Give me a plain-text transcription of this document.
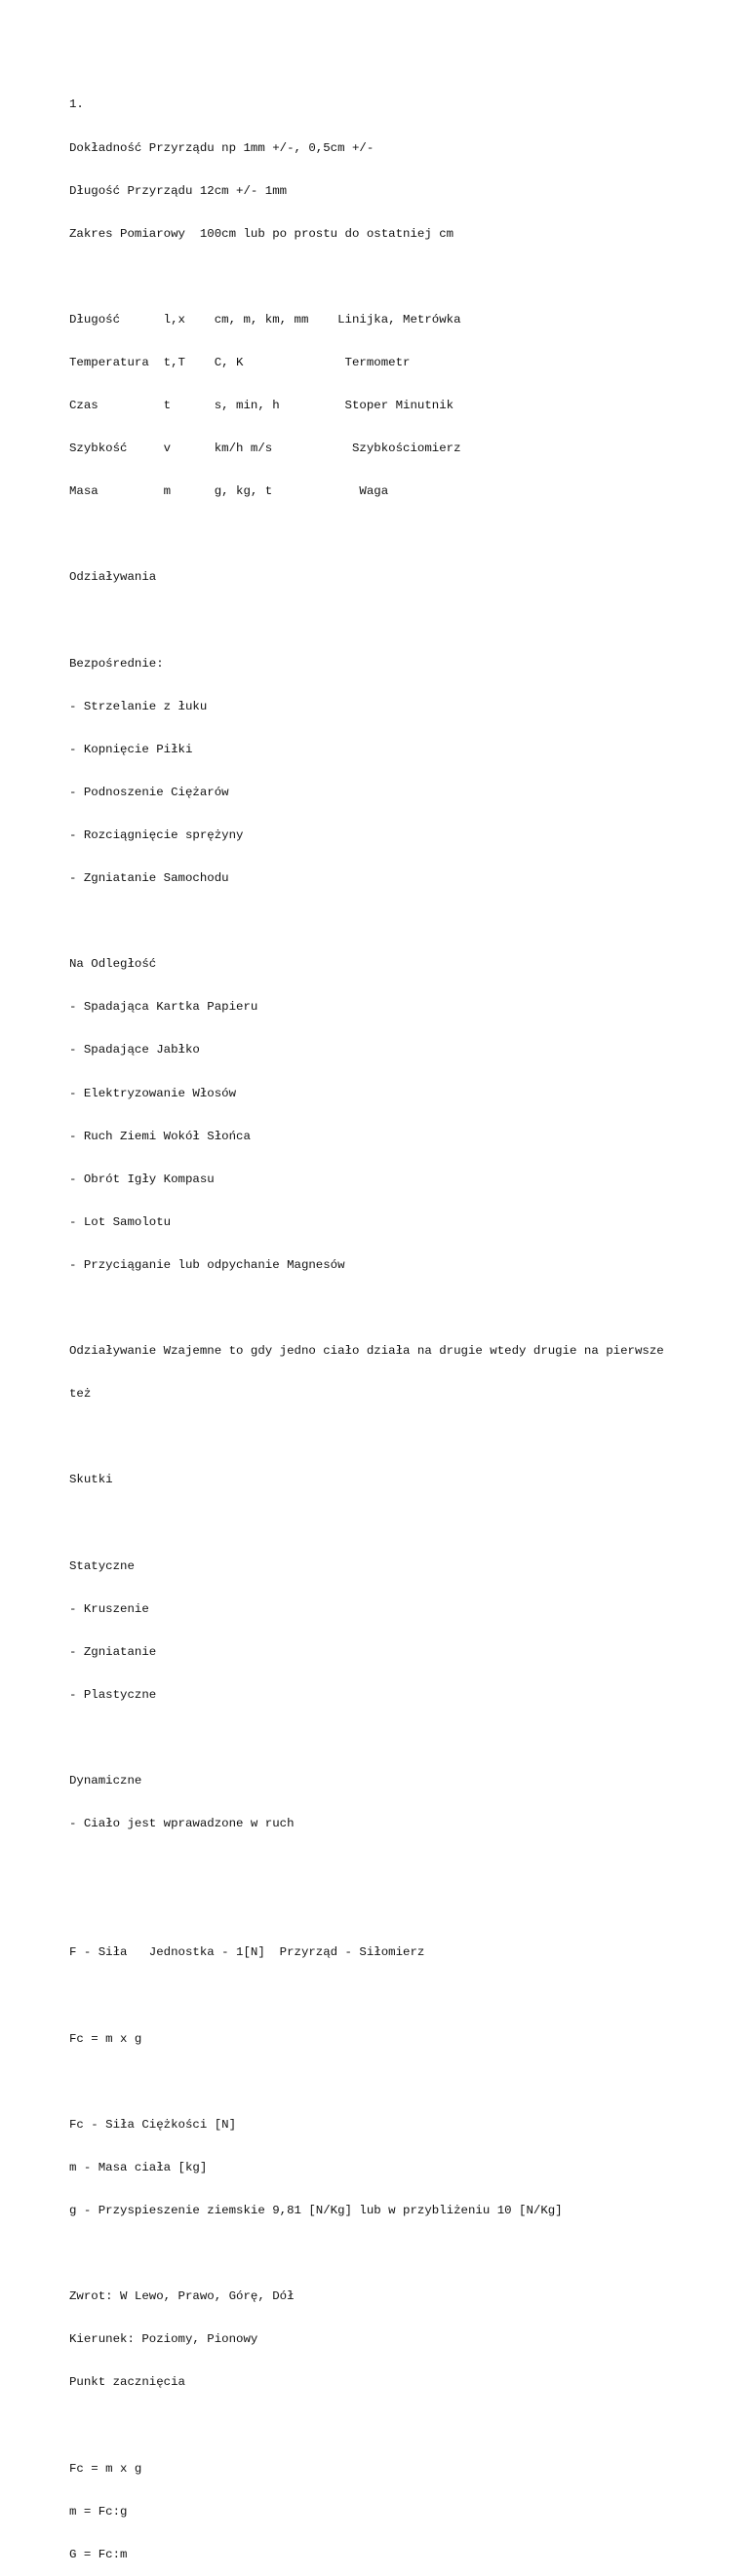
1.

Dokładność Przyrządu np 1mm +/-, 0,5cm +/-

Długość Przyrządu 12cm +/- 1mm

Zakres Pomiarowy  100cm lub po prostu do ostatniej cm

Długość      l,x    cm, m, km, mm    Linijka, Metrówka

Temperatura  t,T    C, K              Termometr

Czas         t      s, min, h         Stoper Minutnik

Szybkość     v      km/h m/s           Szybkościomierz

Masa         m      g, kg, t            Waga

Odziaływania

Bezpośrednie:

- Strzelanie z łuku

- Kopnięcie Piłki

- Podnoszenie Ciężarów

- Rozciągnięcie sprężyny

- Zgniatanie Samochodu

Na Odległość

- Spadająca Kartka Papieru

- Spadające Jabłko

- Elektryzowanie Włosów

- Ruch Ziemi Wokół Słońca

- Obrót Igły Kompasu

- Lot Samolotu

- Przyciąganie lub odpychanie Magnesów

Odziaływanie Wzajemne to gdy jedno ciało działa na drugie wtedy drugie na pierwsze

też

Skutki

Statyczne

- Kruszenie

- Zgniatanie

- Plastyczne

Dynamiczne

- Ciało jest wprawadzone w ruch

F - Siła   Jednostka - 1[N]  Przyrząd - Siłomierz

Fc = m x g

Fc - Siła Ciężkości [N]

m - Masa ciała [kg]

g - Przyspieszenie ziemskie 9,81 [N/Kg] lub w przybliżeniu 10 [N/Kg]

Zwrot: W Lewo, Prawo, Górę, Dół

Kierunek: Poziomy, Pionowy

Punkt zacznięcia

Fc = m x g

m = Fc:g

G = Fc:m
